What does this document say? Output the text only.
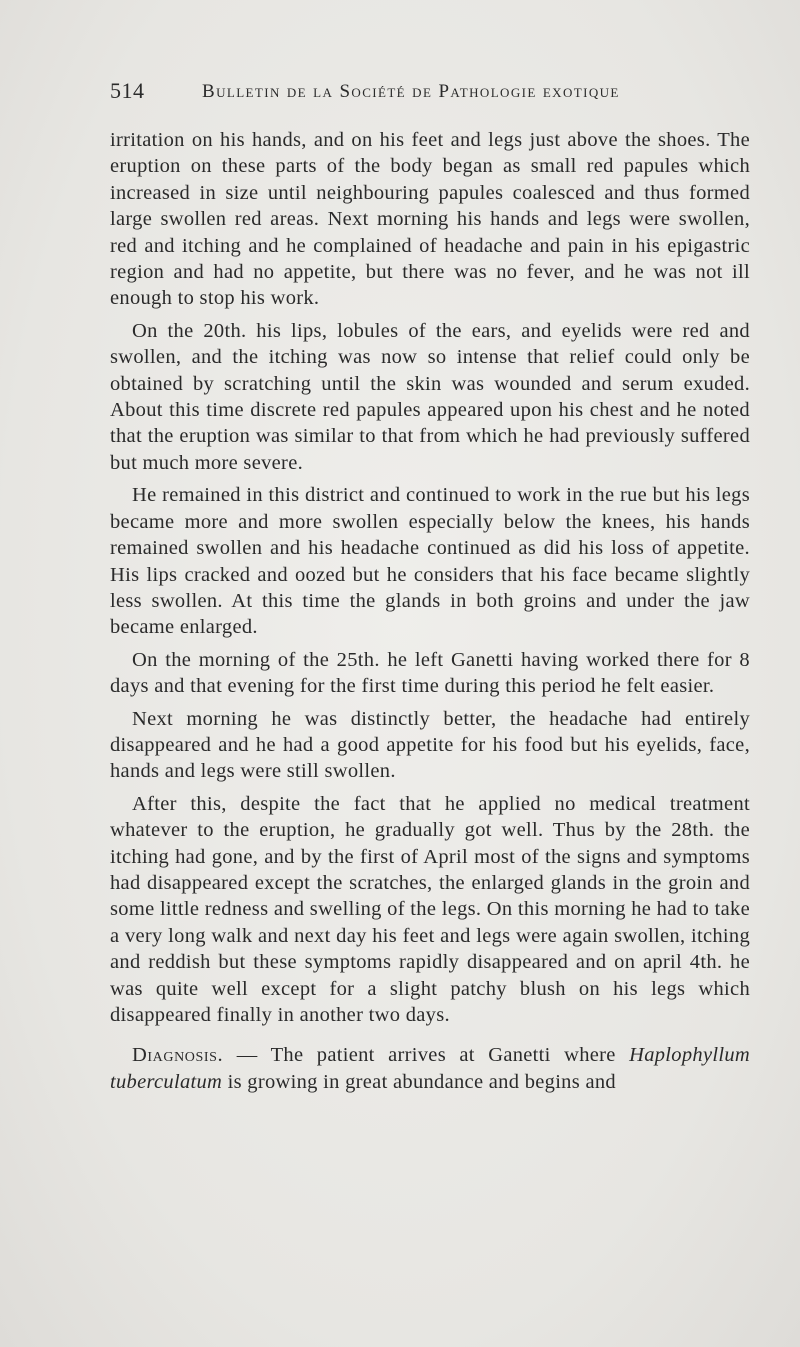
514	Bulletin de la Société de Pathologie exotique

irritation on his hands, and on his feet and legs just above the shoes. The eruption on these parts of the body began as small red papules which increased in size until neighbouring papules coalesced and thus formed large swollen red areas. Next morning his hands and legs were swollen, red and itching and he complained of headache and pain in his epigastric region and had no appetite, but there was no fever, and he was not ill enough to stop his work.

On the 20th. his lips, lobules of the ears, and eyelids were red and swollen, and the itching was now so intense that relief could only be obtained by scratching until the skin was wounded and serum exuded. About this time discrete red papules appeared upon his chest and he noted that the eruption was similar to that from which he had previously suffered but much more severe.

He remained in this district and continued to work in the rue but his legs became more and more swollen especially below the knees, his hands remained swollen and his headache continued as did his loss of appetite. His lips cracked and oozed but he considers that his face became slightly less swollen. At this time the glands in both groins and under the jaw became enlarged.

On the morning of the 25th. he left Ganetti having worked there for 8 days and that evening for the first time during this period he felt easier.

Next morning he was distinctly better, the headache had entirely disappeared and he had a good appetite for his food but his eyelids, face, hands and legs were still swollen.

After this, despite the fact that he applied no medical treatment whatever to the eruption, he gradually got well. Thus by the 28th. the itching had gone, and by the first of April most of the signs and symptoms had disappeared except the scratches, the enlarged glands in the groin and some little redness and swelling of the legs. On this morning he had to take a very long walk and next day his feet and legs were again swollen, itching and reddish but these symptoms rapidly disappeared and on april 4th. he was quite well except for a slight patchy blush on his legs which disappeared finally in another two days.

Diagnosis. — The patient arrives at Ganetti where Haplophyllum tuberculatum is growing in great abundance and begins and
